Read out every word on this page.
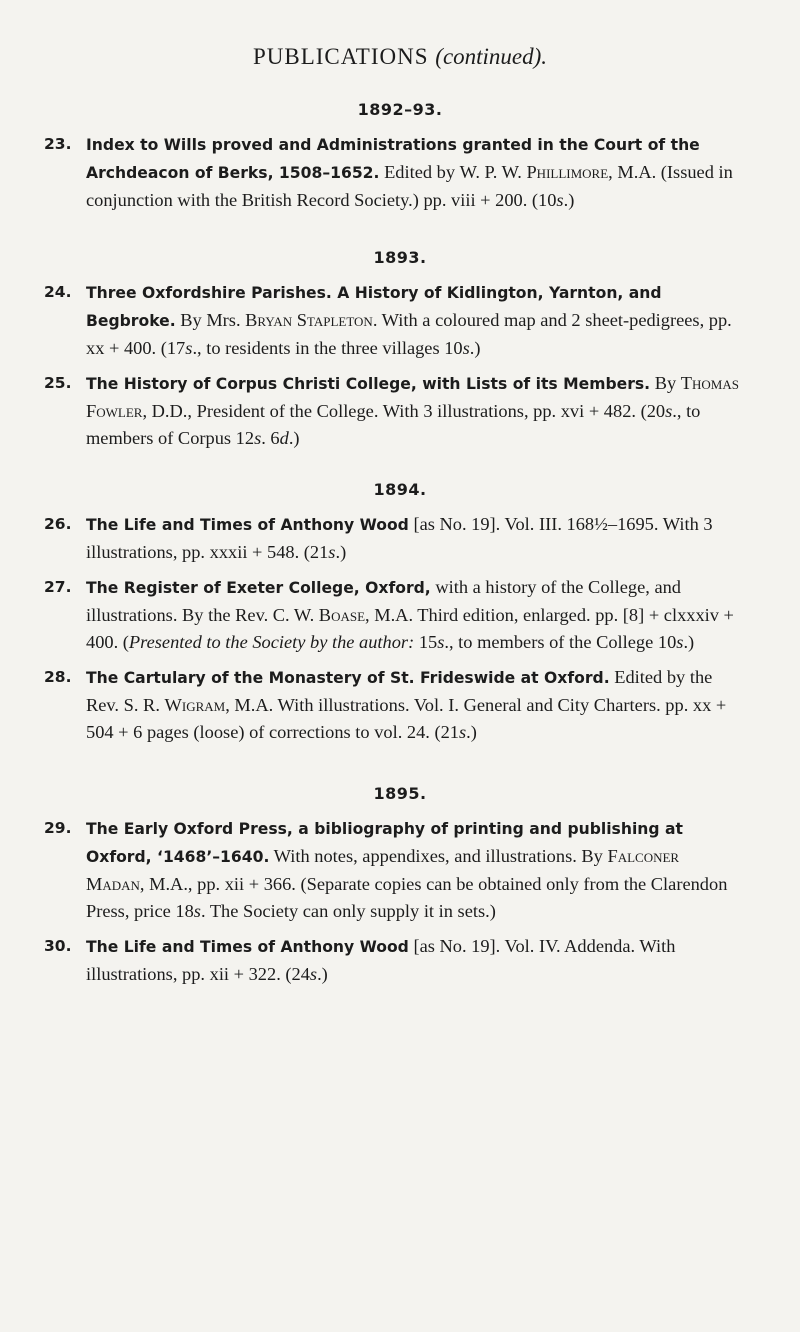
PUBLICATIONS (continued).
1892–93.
23. Index to Wills proved and Administrations granted in the Court of the Archdeacon of Berks, 1508–1652. Edited by W. P. W. Phillimore, M.A. (Issued in conjunction with the British Record Society.) pp. viii + 200. (10s.)
1893.
24. Three Oxfordshire Parishes. A History of Kidlington, Yarnton, and Begbroke. By Mrs. Bryan Stapleton. With a coloured map and 2 sheet-pedigrees, pp. xx + 400. (17s., to residents in the three villages 10s.)
25. The History of Corpus Christi College, with Lists of its Members. By Thomas Fowler, D.D., President of the College. With 3 illustrations, pp. xvi + 482. (20s., to members of Corpus 12s. 6d.)
1894.
26. The Life and Times of Anthony Wood [as No. 19]. Vol. III. 168½–1695. With 3 illustrations, pp. xxxii + 548. (21s.)
27. The Register of Exeter College, Oxford, with a history of the College, and illustrations. By the Rev. C. W. Boase, M.A. Third edition, enlarged. pp. [8] + clxxxiv + 400. (Presented to the Society by the author: 15s., to members of the College 10s.)
28. The Cartulary of the Monastery of St. Frideswide at Oxford. Edited by the Rev. S. R. Wigram, M.A. With illustrations. Vol. I. General and City Charters. pp. xx + 504 + 6 pages (loose) of corrections to vol. 24. (21s.)
1895.
29. The Early Oxford Press, a bibliography of printing and publishing at Oxford, ‘1468’–1640. With notes, appendixes, and illustrations. By Falconer Madan, M.A., pp. xii + 366. (Separate copies can be obtained only from the Clarendon Press, price 18s. The Society can only supply it in sets.)
30. The Life and Times of Anthony Wood [as No. 19]. Vol. IV. Addenda. With illustrations, pp. xii + 322. (24s.)
